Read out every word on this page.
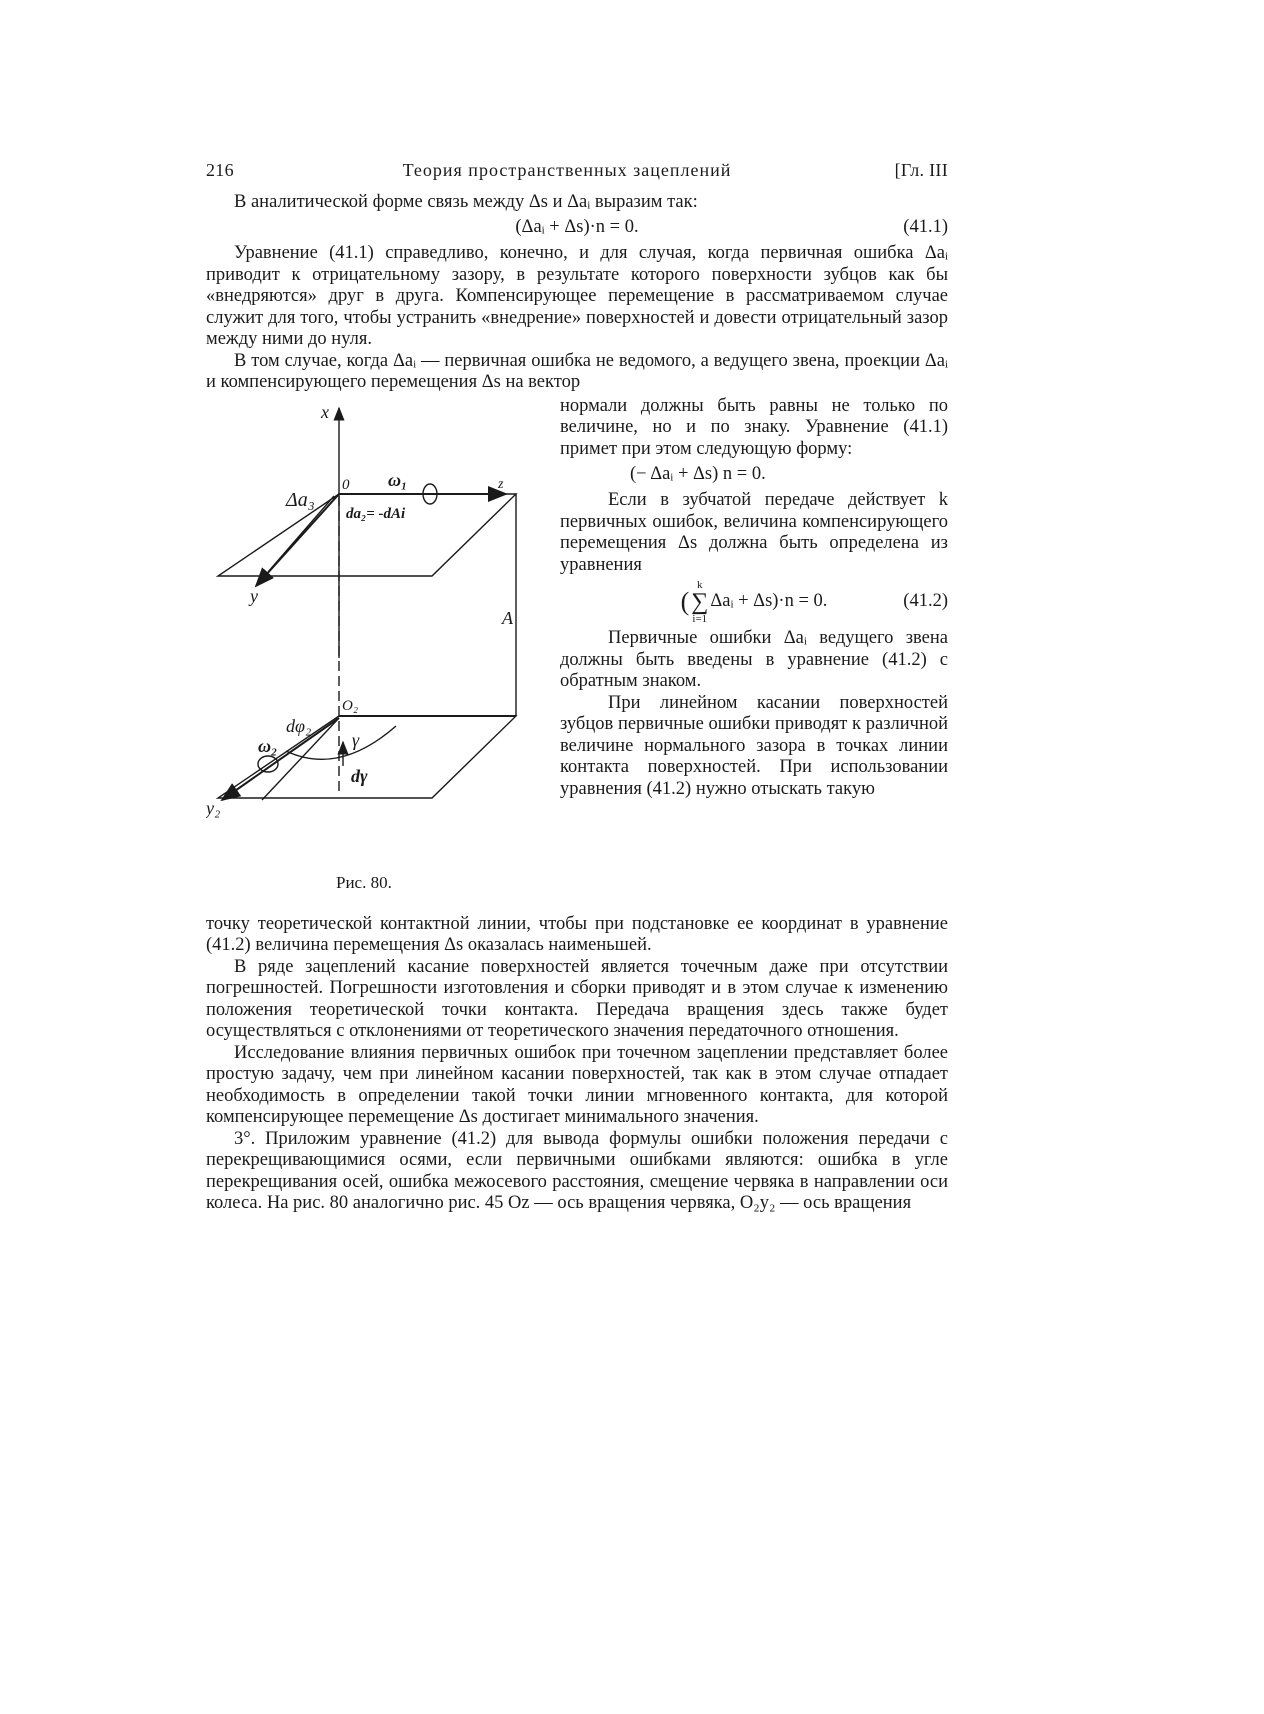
216	Теория пространственных зацеплений	[Гл. III

В аналитической форме связь между Δs и Δaᵢ выразим так:

(Δaᵢ + Δs)·n = 0.	(41.1)

Уравнение (41.1) справедливо, конечно, и для случая, когда первичная ошибка Δaᵢ приводит к отрицательному зазору, в результате которого поверхности зубцов как бы «внедряются» друг в друга. Компенсирующее перемещение в рассматриваемом случае служит для того, чтобы устранить «внедрение» поверхностей и довести отрицательный зазор между ними до нуля.

В том случае, когда Δaᵢ — первичная ошибка не ведомого, а ведущего звена, проекции Δaᵢ и компенсирующего перемещения Δs на вектор

x
0	z
ω₁
Δa₃
da₂= -dAi
y
A
O₂
dφ₂
ω₂	γ
dγ
y₂
Рис. 80.

нормали должны быть равны не только по величине, но и по знаку. Уравнение (41.1) примет при этом следующую форму:

(− Δaᵢ + Δs) n = 0.

Если в зубчатой передаче действует k первичных ошибок, величина компенсирующего перемещения Δs должна быть определена из уравнения

(
k
∑
i=1
Δaᵢ + Δs)·n = 0.	(41.2)

Первичные ошибки Δaᵢ ведущего звена должны быть введены в уравнение (41.2) с обратным знаком.

При линейном касании поверхностей зубцов первичные ошибки приводят к различной величине нормального зазора в точках линии контакта поверхностей. При использовании уравнения (41.2) нужно отыскать такую

точку теоретической контактной линии, чтобы при подстановке ее координат в уравнение (41.2) величина перемещения Δs оказалась наименьшей.

В ряде зацеплений касание поверхностей является точечным даже при отсутствии погрешностей. Погрешности изготовления и сборки приводят и в этом случае к изменению положения теоретической точки контакта. Передача вращения здесь также будет осуществляться с отклонениями от теоретического значения передаточного отношения.

Исследование влияния первичных ошибок при точечном зацеплении представляет более простую задачу, чем при линейном касании поверхностей, так как в этом случае отпадает необходимость в определении такой точки линии мгновенного контакта, для которой компенсирующее перемещение Δs достигает минимального значения.

3°. Приложим уравнение (41.2) для вывода формулы ошибки положения передачи с перекрещивающимися осями, если первичными ошибками являются: ошибка в угле перекрещивания осей, ошибка межосевого расстояния, смещение червяка в направлении оси колеса. На рис. 80 аналогично рис. 45 Oz — ось вращения червяка, O₂y₂ — ось вращения
